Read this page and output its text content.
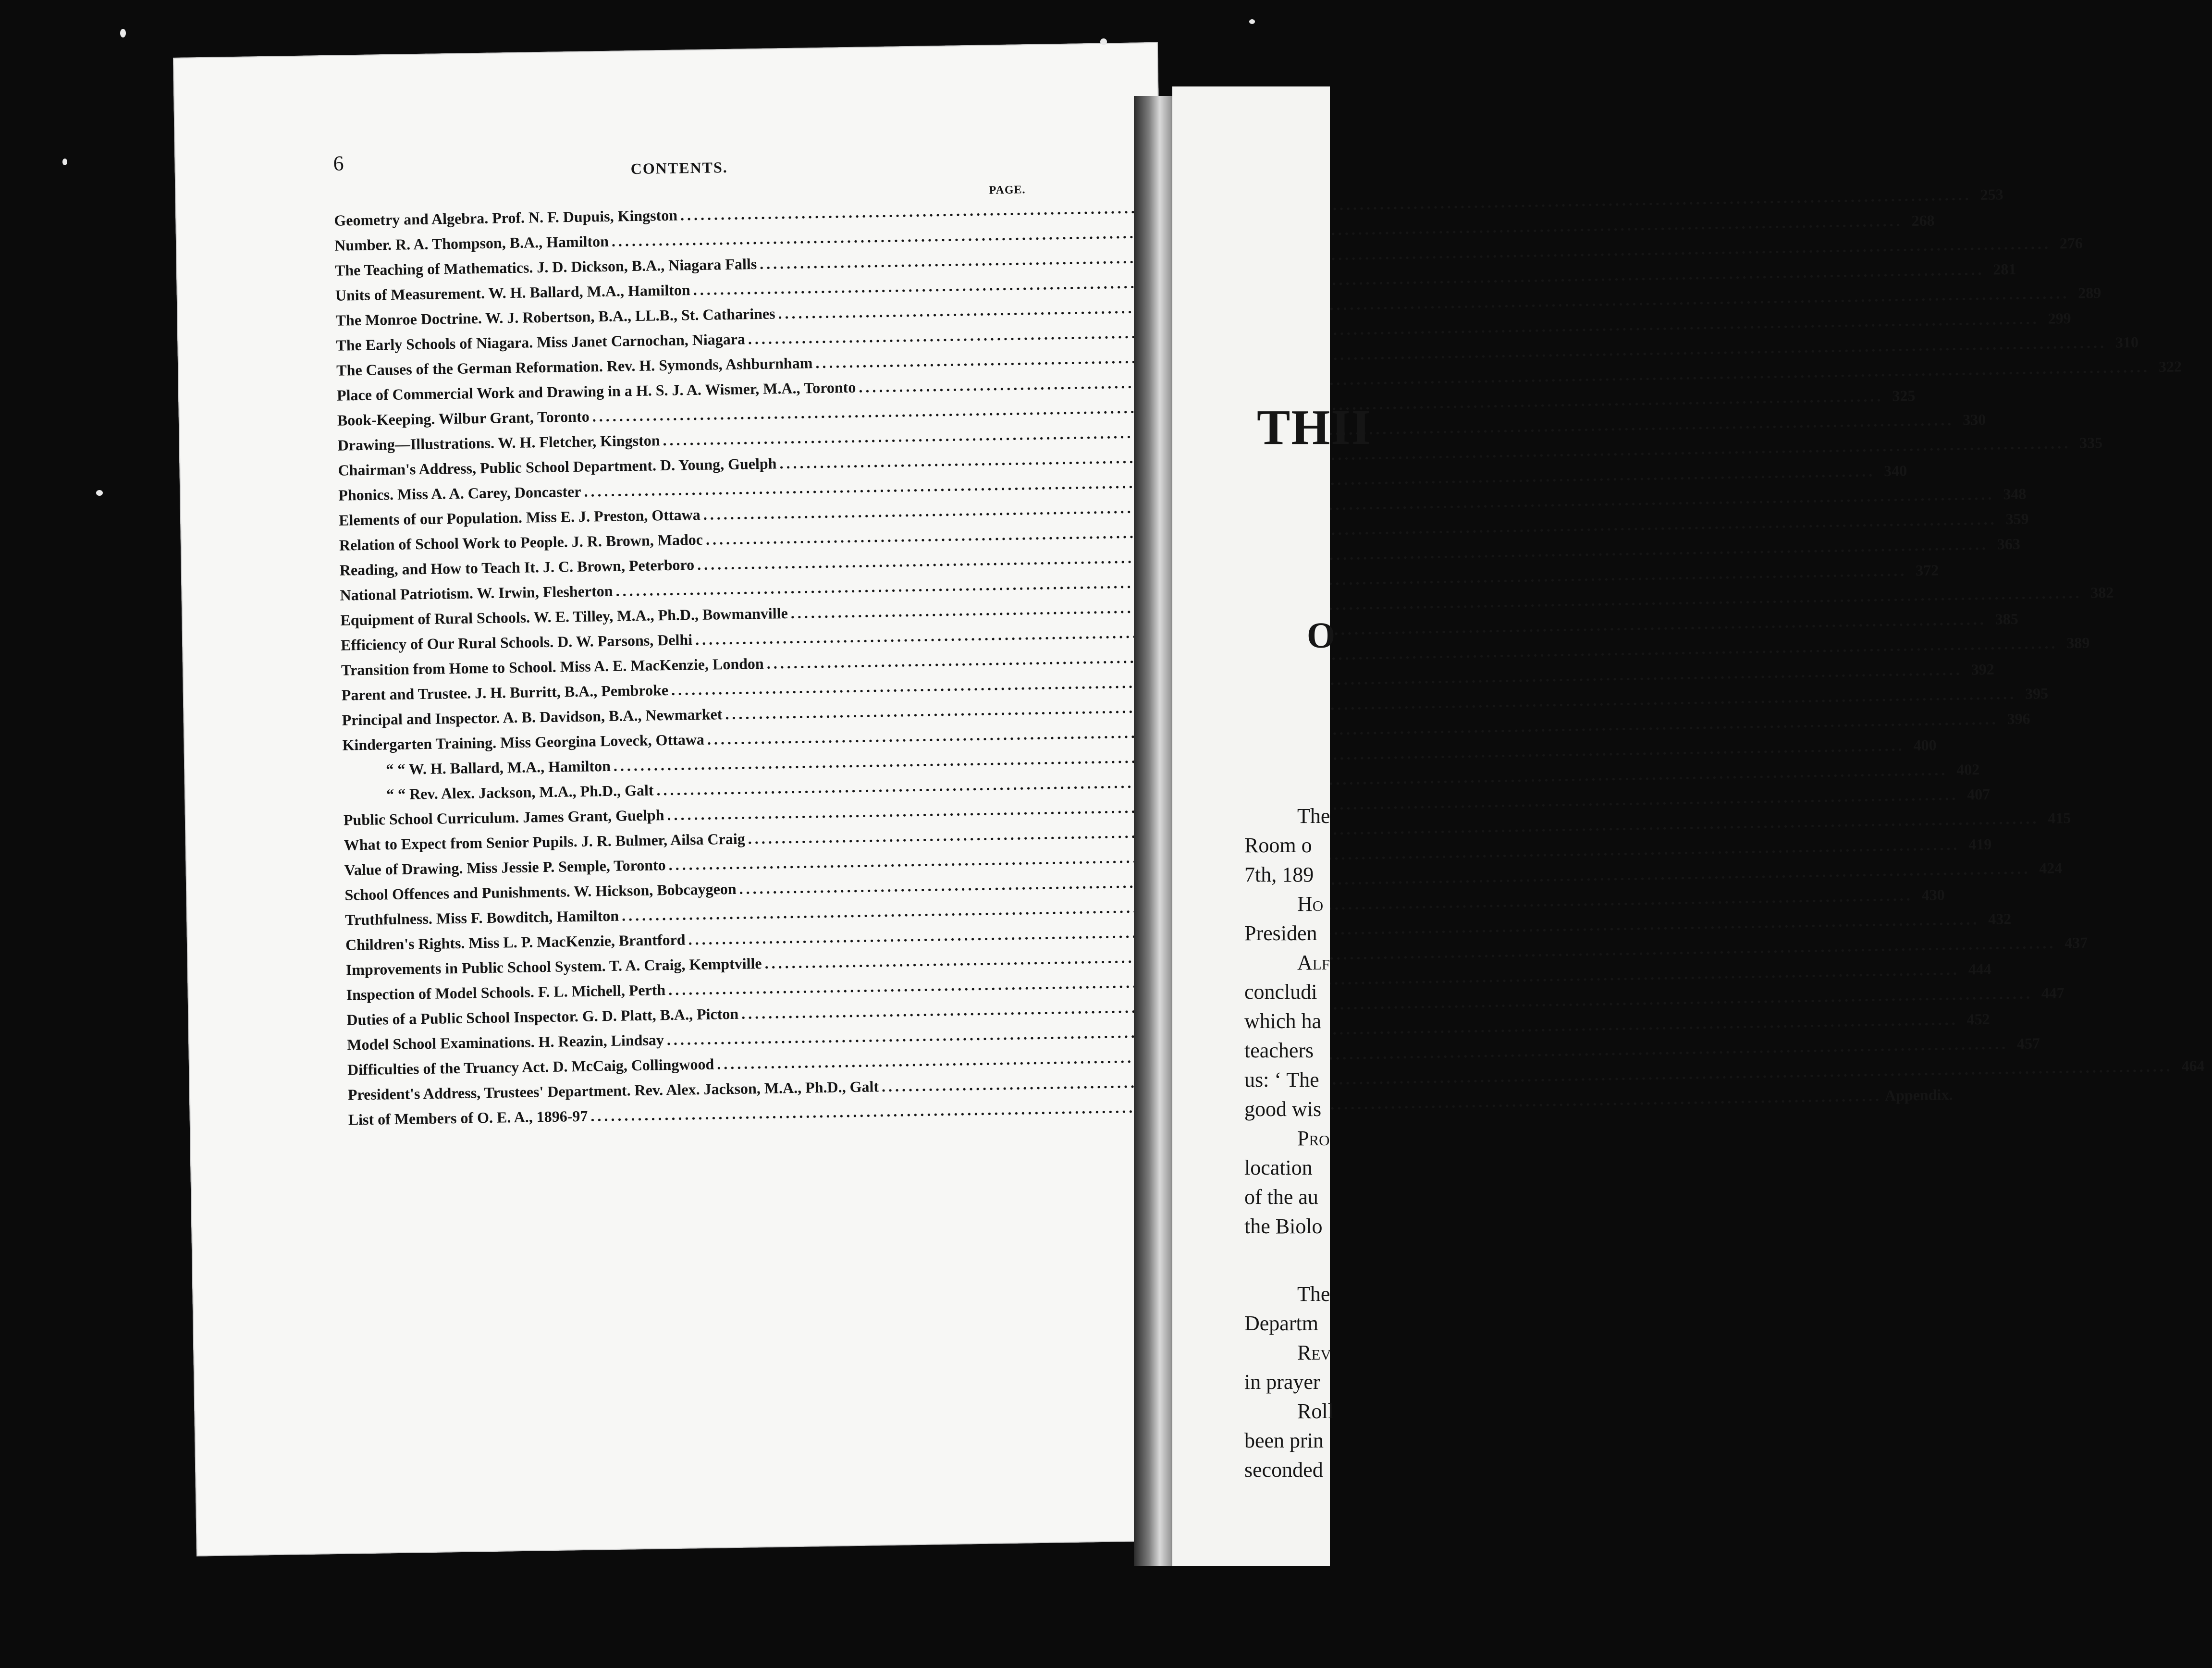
6	CONTENTS.
PAGE.
Geometry and Algebra. Prof. N. F. Dupuis, Kingston
.....
253
Number. R. A. Thompson, B.A., Hamilton
.....
268
The Teaching of Mathematics. J. D. Dickson, B.A., Niagara Falls
.....
276
Units of Measurement. W. H. Ballard, M.A., Hamilton
.....
281
The Monroe Doctrine. W. J. Robertson, B.A., LL.B., St. Catharines
.....
289
The Early Schools of Niagara. Miss Janet Carnochan, Niagara
.....
299
The Causes of the German Reformation. Rev. H. Symonds, Ashburnham
.....
310
Place of Commercial Work and Drawing in a H. S. J. A. Wismer, M.A., Toronto
.....
322
Book-Keeping. Wilbur Grant, Toronto
.....
325
Drawing—Illustrations. W. H. Fletcher, Kingston
.....
330
Chairman's Address, Public School Department. D. Young, Guelph
.....
335
Phonics. Miss A. A. Carey, Doncaster
.....
340
Elements of our Population. Miss E. J. Preston, Ottawa
.....
348
Relation of School Work to People. J. R. Brown, Madoc
.....
359
Reading, and How to Teach It. J. C. Brown, Peterboro
.....
363
National Patriotism. W. Irwin, Flesherton
.....
372
Equipment of Rural Schools. W. E. Tilley, M.A., Ph.D., Bowmanville
.....
382
Efficiency of Our Rural Schools. D. W. Parsons, Delhi
.....
385
Transition from Home to School. Miss A. E. MacKenzie, London
.....
389
Parent and Trustee. J. H. Burritt, B.A., Pembroke
.....
392
Principal and Inspector. A. B. Davidson, B.A., Newmarket
.....
395
Kindergarten Training. Miss Georgina Loveck, Ottawa
.....
396
“ “ W. H. Ballard, M.A., Hamilton
.....
400
“ “ Rev. Alex. Jackson, M.A., Ph.D., Galt
.....
402
Public School Curriculum. James Grant, Guelph
.....
407
What to Expect from Senior Pupils. J. R. Bulmer, Ailsa Craig
.....
415
Value of Drawing. Miss Jessie P. Semple, Toronto
.....
419
School Offences and Punishments. W. Hickson, Bobcaygeon
.....
424
Truthfulness. Miss F. Bowditch, Hamilton
.....
430
Children's Rights. Miss L. P. MacKenzie, Brantford
.....
432
Improvements in Public School System. T. A. Craig, Kemptville
.....
437
Inspection of Model Schools. F. L. Michell, Perth
.....
444
Duties of a Public School Inspector. G. D. Platt, B.A., Picton
.....
447
Model School Examinations. H. Reazin, Lindsay
.....
452
Difficulties of the Truancy Act. D. McCaig, Collingwood
.....
457
President's Address, Trustees' Department. Rev. Alex. Jackson, M.A., Ph.D., Galt
.....
464
List of Members of O. E. A., 1896-97
.....
Appendix.
THII
O
The
Room o
7th, 189
Ho
Presiden
Alf
concludi
which ha
teachers
us: ‘ The
good wis
Pro
location
of the au
the Biolo
The
Departm
Rev
in prayer
Roll
been prin
seconded
